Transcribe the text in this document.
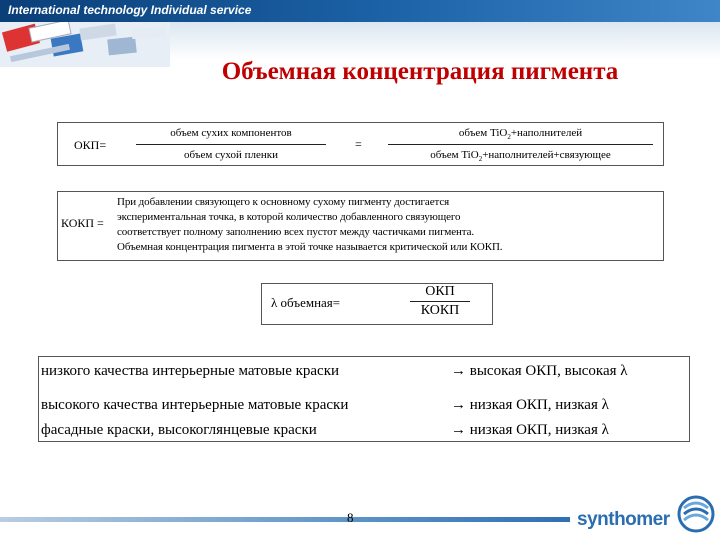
International technology Individual service
Объемная концентрация пигмента
ОКП=
объем сухих компонентов
объем сухой пленки
=
объем TiO$_2$+наполнителей
объем TiO$_2$+наполнителей+связующее
КОКП =
При добавлении связующего к основному сухому пигменту достигается
экспериментальная точка, в которой количество добавленного связующего
соответствует полному заполнению всех пустот между частичками пигмента.
Объемная концентрация пигмента в этой точке называется критической или КОКП.
λ объемная=
ОКП
КОКП
низкого качества интерьерные матовые краски	→ высокая ОКП, высокая λ
высокого качества интерьерные матовые краски	→ низкая ОКП, низкая λ
фасадные краски, высокоглянцевые краски	→ низкая ОКП, низкая λ
8	synthomer
